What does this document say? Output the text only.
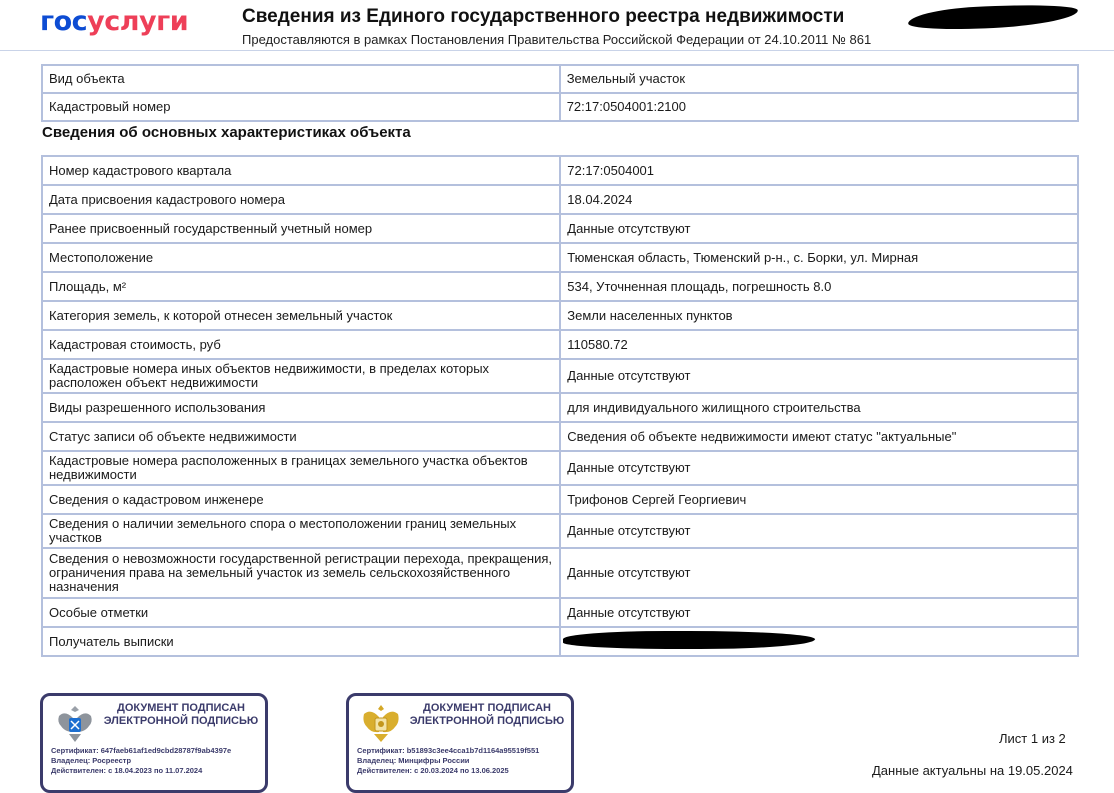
госуслуги	Сведения из Единого государственного реестра недвижимости
Предоставляются в рамках Постановления Правительства Российской Федерации от 24.10.2011 № 861
Вид объекта	Земельный участок
Кадастровый номер	72:17:0504001:2100
Сведения об основных характеристиках объекта
Номер кадастрового квартала	72:17:0504001
Дата присвоения кадастрового номера	18.04.2024
Ранее присвоенный государственный учетный номер	Данные отсутствуют
Местоположение	Тюменская область, Тюменский р-н., с. Борки, ул. Мирная
Площадь, м²	534, Уточненная площадь, погрешность 8.0
Категория земель, к которой отнесен земельный участок	Земли населенных пунктов
Кадастровая стоимость, руб	110580.72
Кадастровые номера иных объектов недвижимости, в пределах которых расположен объект недвижимости	Данные отсутствуют
Виды разрешенного использования	для индивидуального жилищного строительства
Статус записи об объекте недвижимости	Сведения об объекте недвижимости имеют статус "актуальные"
Кадастровые номера расположенных в границах земельного участка объектов недвижимости	Данные отсутствуют
Сведения о кадастровом инженере	Трифонов Сергей Георгиевич
Сведения о наличии земельного спора о местоположении границ земельных участков	Данные отсутствуют
Сведения о невозможности государственной регистрации перехода, прекращения, ограничения права на земельный участок из земель сельскохозяйственного назначения	Данные отсутствуют
Особые отметки	Данные отсутствуют
Получатель выписки	
ДОКУМЕНТ ПОДПИСАН ЭЛЕКТРОННОЙ ПОДПИСЬЮ
Сертификат: 647faeb61af1ed9cbd28787f9ab4397e
Владелец: Росреестр
Действителен: с 18.04.2023 по 11.07.2024
ДОКУМЕНТ ПОДПИСАН ЭЛЕКТРОННОЙ ПОДПИСЬЮ
Сертификат: b51893c3ee4cca1b7d1164a95519f551
Владелец: Минцифры России
Действителен: с 20.03.2024 по 13.06.2025
Лист 1 из 2
Данные актуальны на 19.05.2024
